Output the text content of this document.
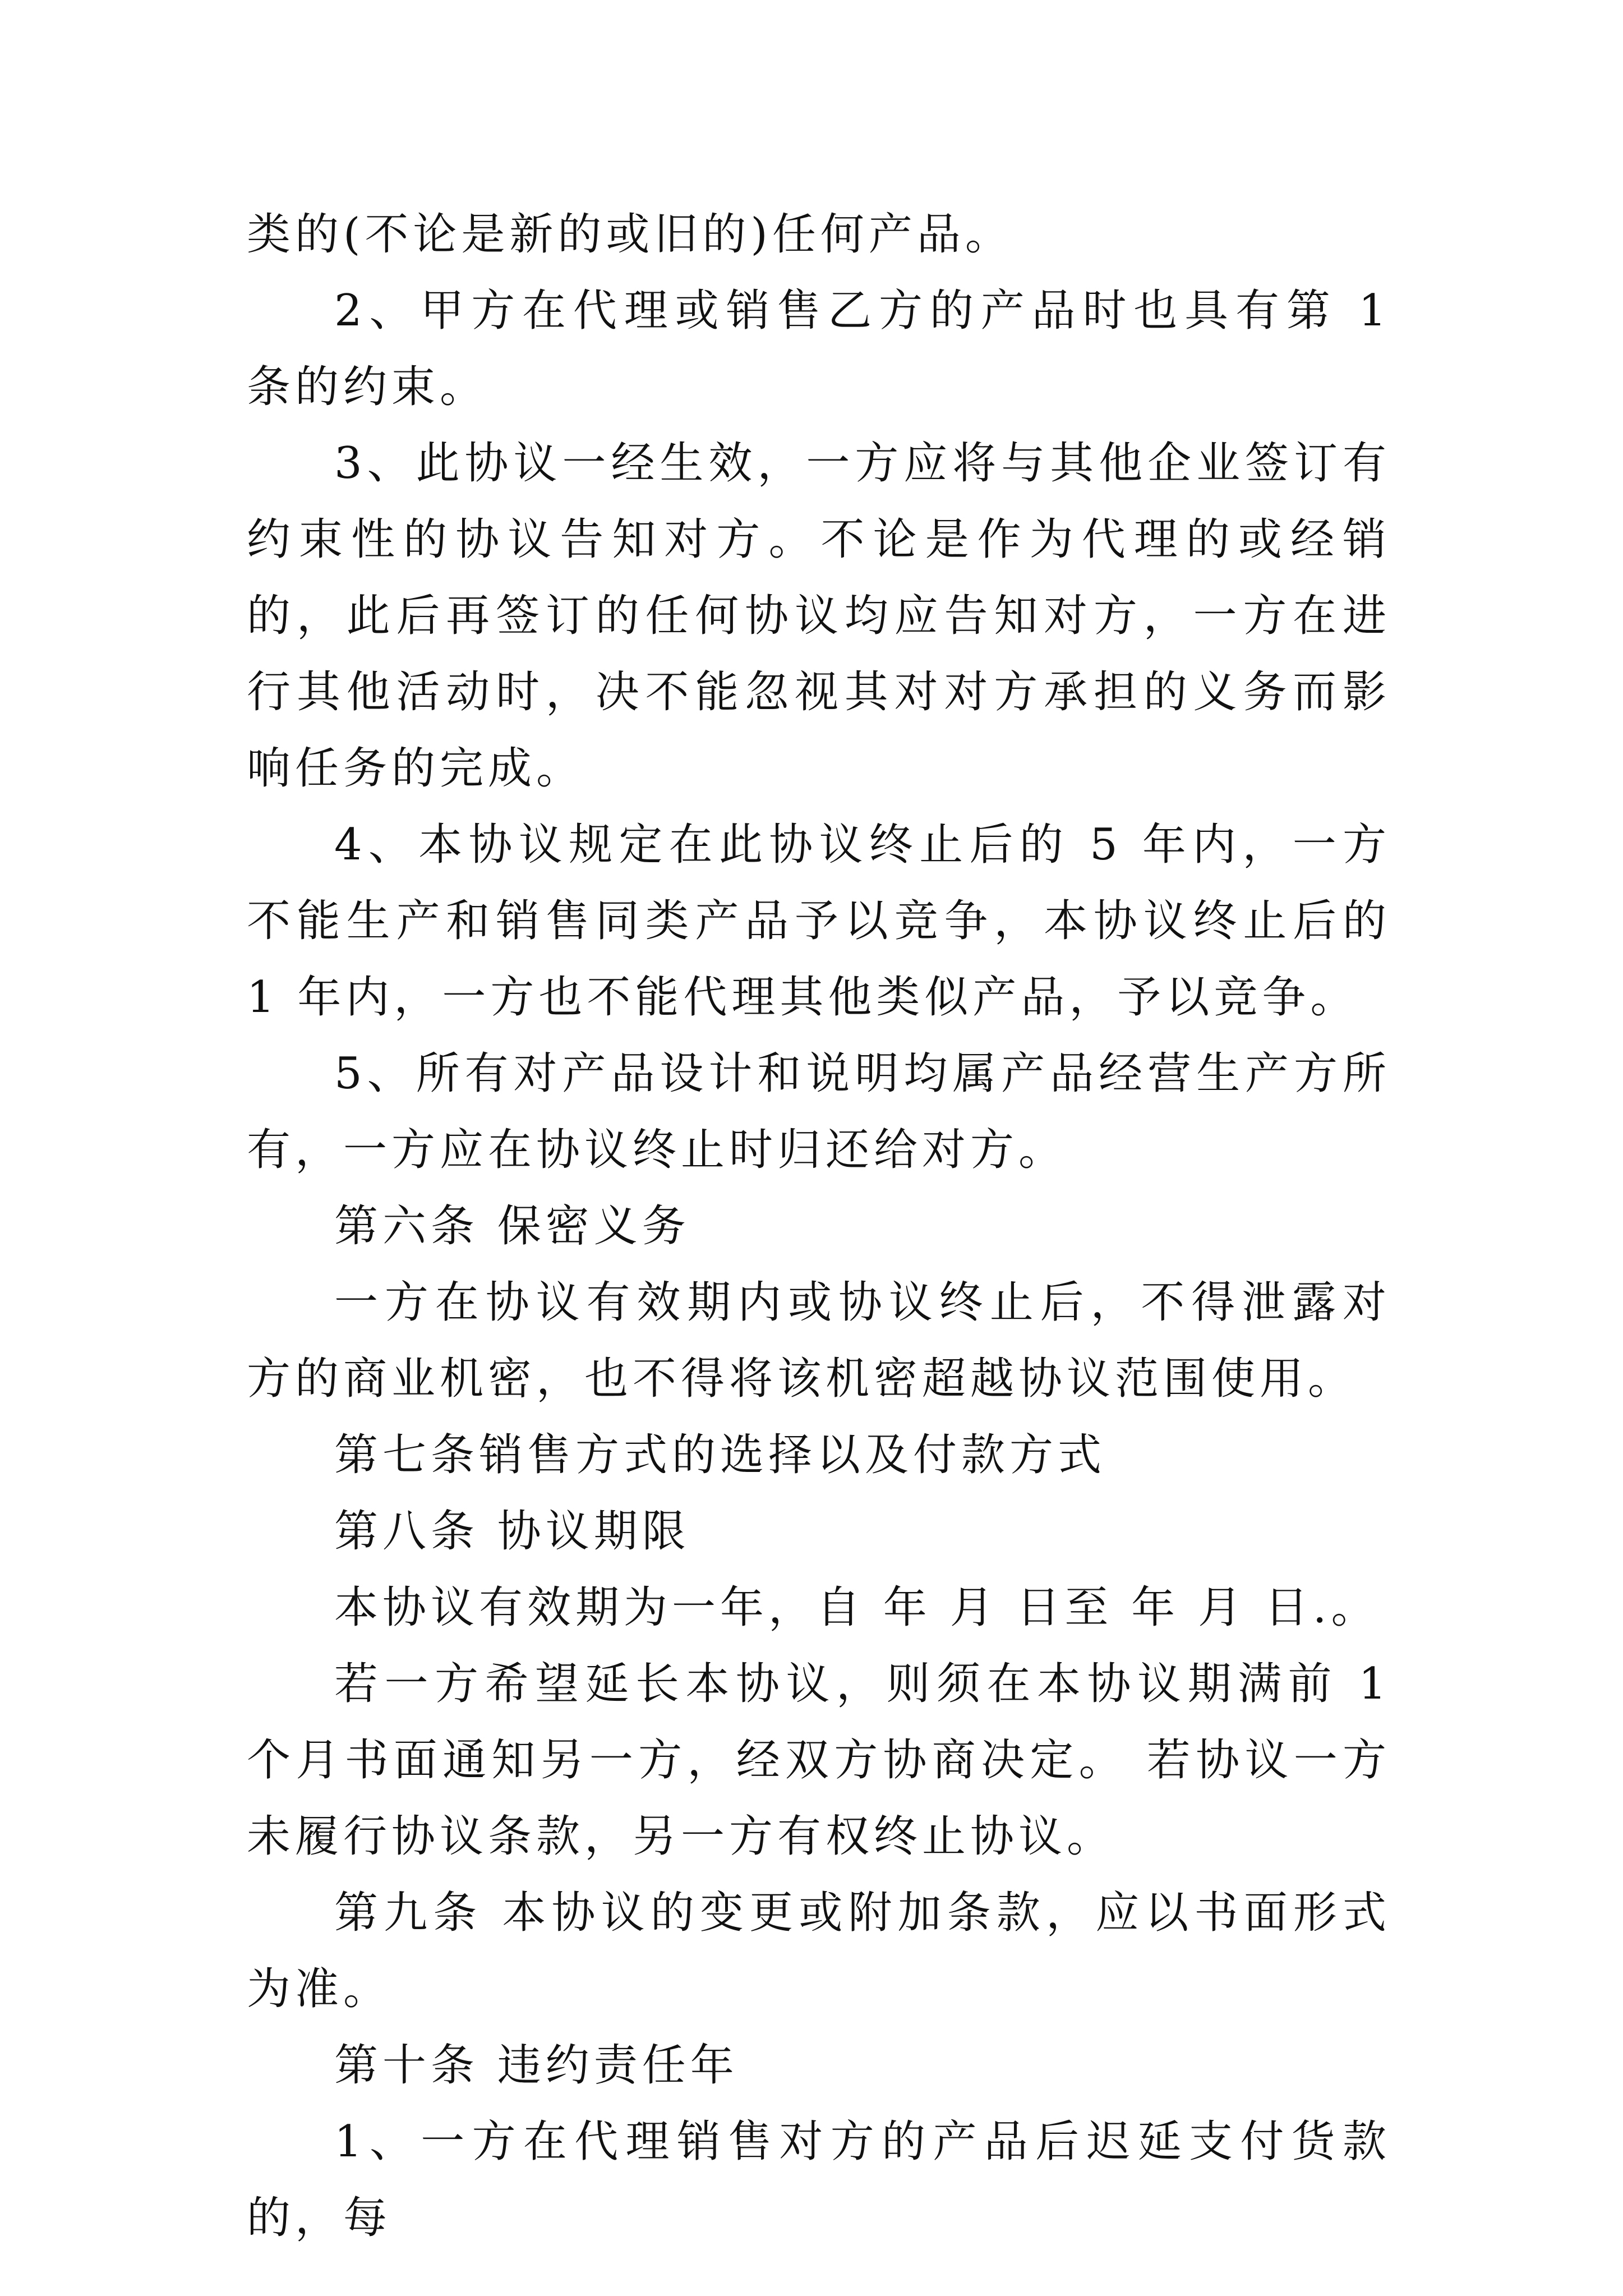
类的(不论是新的或旧的)任何产品。

2、甲方在代理或销售乙方的产品时也具有第 1 条的约束。

3、此协议一经生效，一方应将与其他企业签订有约束性的协议告知对方。不论是作为代理的或经销的，此后再签订的任何协议均应告知对方，一方在进行其他活动时，决不能忽视其对对方承担的义务而影响任务的完成。

4、本协议规定在此协议终止后的 5 年内，一方不能生产和销售同类产品予以竞争，本协议终止后的 1 年内，一方也不能代理其他类似产品，予以竞争。

5、所有对产品设计和说明均属产品经营生产方所有，一方应在协议终止时归还给对方。

第六条 保密义务

一方在协议有效期内或协议终止后，不得泄露对方的商业机密，也不得将该机密超越协议范围使用。

第七条销售方式的选择以及付款方式

第八条 协议期限

本协议有效期为一年，自 年 月 日至 年 月 日.。

若一方希望延长本协议，则须在本协议期满前 1 个月书面通知另一方，经双方协商决定。 若协议一方未履行协议条款，另一方有权终止协议。

第九条 本协议的变更或附加条款，应以书面形式为准。

第十条 违约责任年

1、一方在代理销售对方的产品后迟延支付货款的，每
